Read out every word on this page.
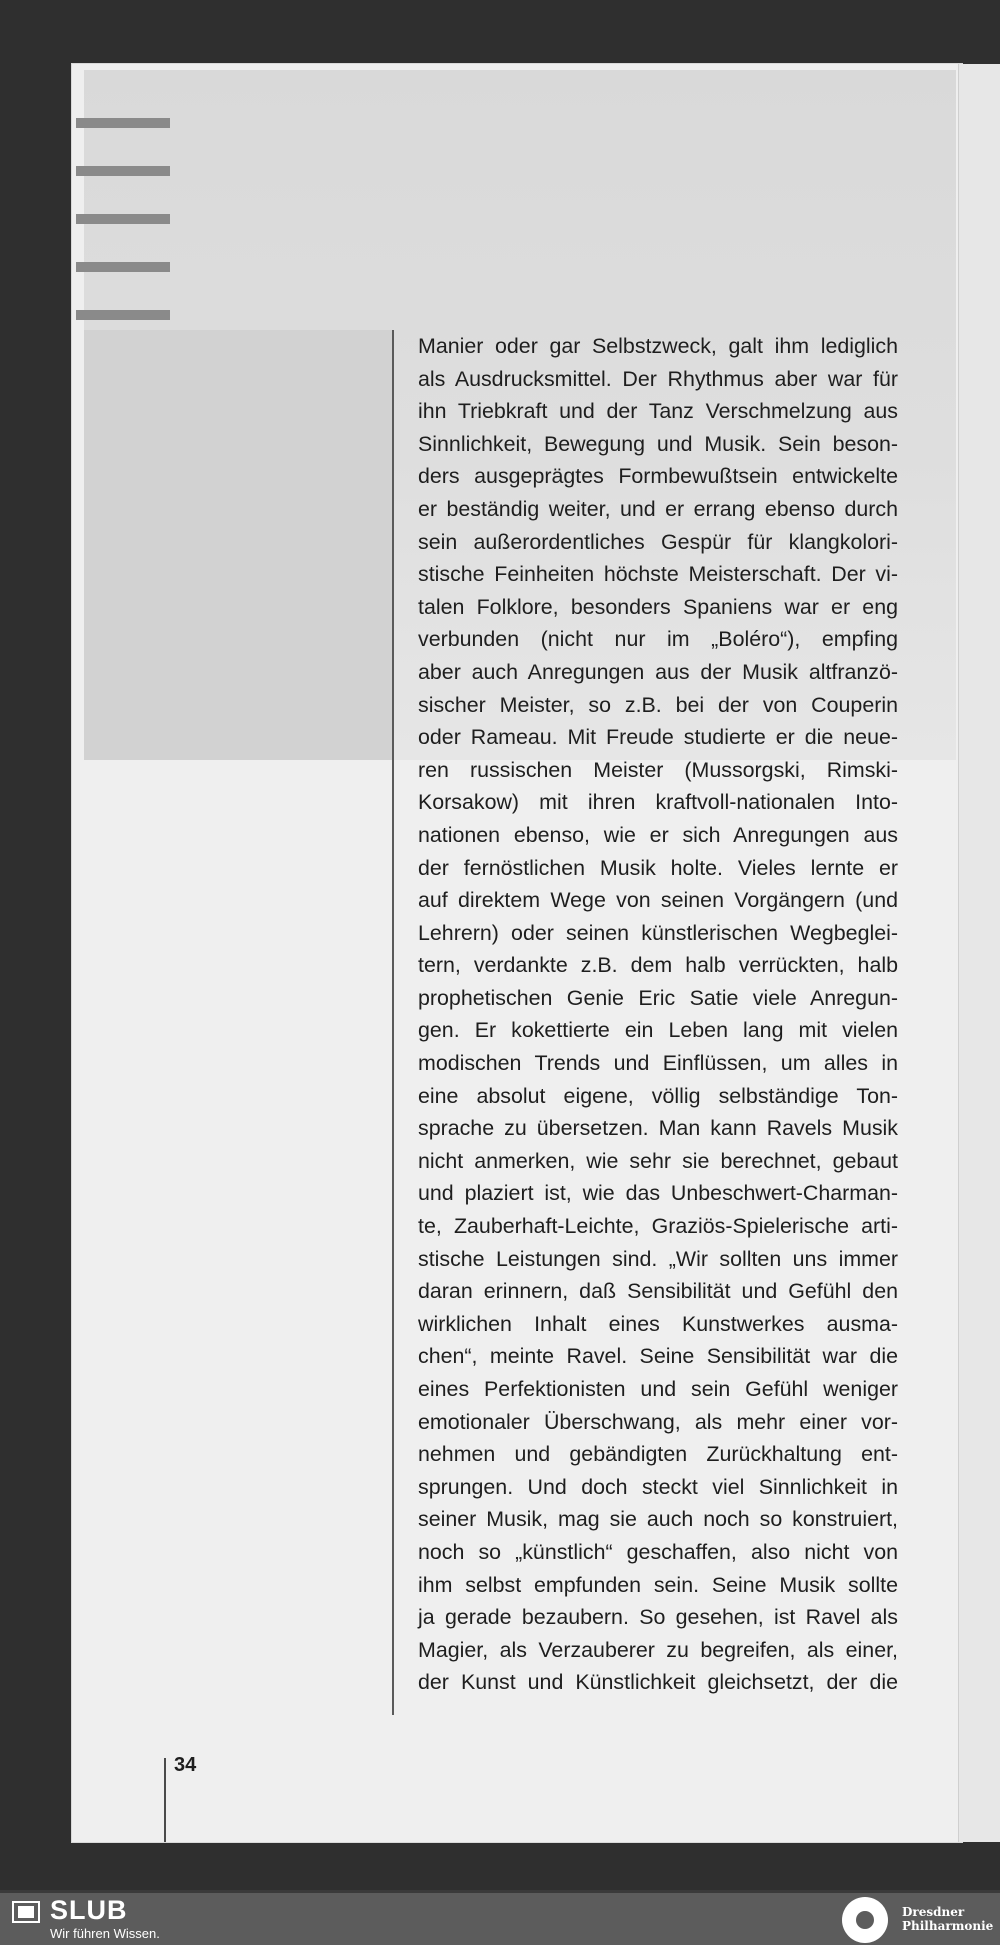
Manier oder gar Selbstzweck, galt ihm lediglich
als Ausdrucksmittel. Der Rhythmus aber war für
ihn Triebkraft und der Tanz Verschmelzung aus
Sinnlichkeit, Bewegung und Musik. Sein beson-
ders ausgeprägtes Formbewußtsein entwickelte
er beständig weiter, und er errang ebenso durch
sein außerordentliches Gespür für klangkolori-
stische Feinheiten höchste Meisterschaft. Der vi-
talen Folklore, besonders Spaniens war er eng
verbunden (nicht nur im „Boléro“), empfing
aber auch Anregungen aus der Musik altfranzö-
sischer Meister, so z.B. bei der von Couperin
oder Rameau. Mit Freude studierte er die neue-
ren russischen Meister (Mussorgski, Rimski-
Korsakow) mit ihren kraftvoll-nationalen Into-
nationen ebenso, wie er sich Anregungen aus
der fernöstlichen Musik holte. Vieles lernte er
auf direktem Wege von seinen Vorgängern (und
Lehrern) oder seinen künstlerischen Wegbeglei-
tern, verdankte z.B. dem halb verrückten, halb
prophetischen Genie Eric Satie viele Anregun-
gen. Er kokettierte ein Leben lang mit vielen
modischen Trends und Einflüssen, um alles in
eine absolut eigene, völlig selbständige Ton-
sprache zu übersetzen. Man kann Ravels Musik
nicht anmerken, wie sehr sie berechnet, gebaut
und plaziert ist, wie das Unbeschwert-Charman-
te, Zauberhaft-Leichte, Graziös-Spielerische arti-
stische Leistungen sind. „Wir sollten uns immer
daran erinnern, daß Sensibilität und Gefühl den
wirklichen Inhalt eines Kunstwerkes ausma-
chen“, meinte Ravel. Seine Sensibilität war die
eines Perfektionisten und sein Gefühl weniger
emotionaler Überschwang, als mehr einer vor-
nehmen und gebändigten Zurückhaltung ent-
sprungen. Und doch steckt viel Sinnlichkeit in
seiner Musik, mag sie auch noch so konstruiert,
noch so „künstlich“ geschaffen, also nicht von
ihm selbst empfunden sein. Seine Musik sollte
ja gerade bezaubern. So gesehen, ist Ravel als
Magier, als Verzauberer zu begreifen, als einer,
der Kunst und Künstlichkeit gleichsetzt, der die
34
SLUB
Wir führen Wissen.
Dresdner
Philharmonie
